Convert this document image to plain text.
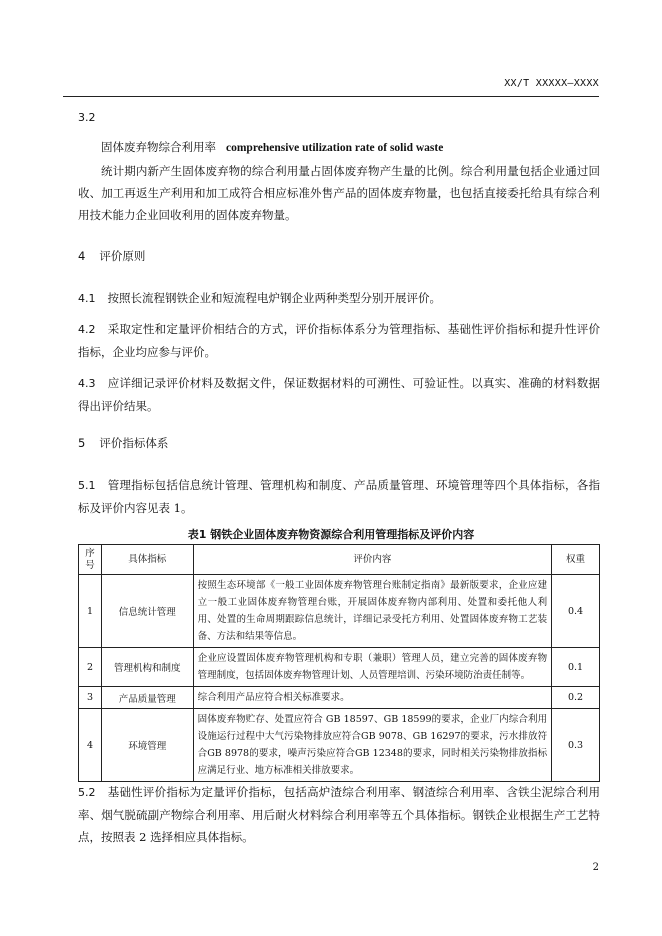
XX/T XXXXX—XXXX
3.2
固体废弃物综合利用率 comprehensive utilization rate of solid waste
统计期内新产生固体废弃物的综合利用量占固体废弃物产生量的比例。综合利用量包括企业通过回收、加工再返生产利用和加工成符合相应标准外售产品的固体废弃物量，也包括直接委托给具有综合利用技术能力企业回收利用的固体废弃物量。
4 评价原则
4.1 按照长流程钢铁企业和短流程电炉钢企业两种类型分别开展评价。
4.2 采取定性和定量评价相结合的方式，评价指标体系分为管理指标、基础性评价指标和提升性评价指标，企业均应参与评价。
4.3 应详细记录评价材料及数据文件，保证数据材料的可溯性、可验证性。以真实、准确的材料数据得出评价结果。
5 评价指标体系
5.1 管理指标包括信息统计管理、管理机构和制度、产品质量管理、环境管理等四个具体指标，各指标及评价内容见表 1。
表1 钢铁企业固体废弃物资源综合利用管理指标及评价内容
序号	具体指标	评价内容	权重
1	信息统计管理	按照生态环境部《一般工业固体废弃物管理台账制定指南》最新版要求，企业应建立一般工业固体废弃物管理台账，开展固体废弃物内部利用、处置和委托他人利用、处置的生命周期跟踪信息统计，详细记录受托方利用、处置固体废弃物工艺装备、方法和结果等信息。	0.4
2	管理机构和制度	企业应设置固体废弃物管理机构和专职（兼职）管理人员，建立完善的固体废弃物管理制度，包括固体废弃物管理计划、人员管理培训、污染环境防治责任制等。	0.1
3	产品质量管理	综合利用产品应符合相关标准要求。	0.2
4	环境管理	固体废弃物贮存、处置应符合 GB 18597、GB 18599的要求，企业厂内综合利用设施运行过程中大气污染物排放应符合GB 9078、GB 16297的要求，污水排放符合GB 8978的要求，噪声污染应符合GB 12348的要求，同时相关污染物排放指标应满足行业、地方标准相关排放要求。	0.3
5.2 基础性评价指标为定量评价指标，包括高炉渣综合利用率、钢渣综合利用率、含铁尘泥综合利用率、烟气脱硫副产物综合利用率、用后耐火材料综合利用率等五个具体指标。钢铁企业根据生产工艺特点，按照表 2 选择相应具体指标。
2
